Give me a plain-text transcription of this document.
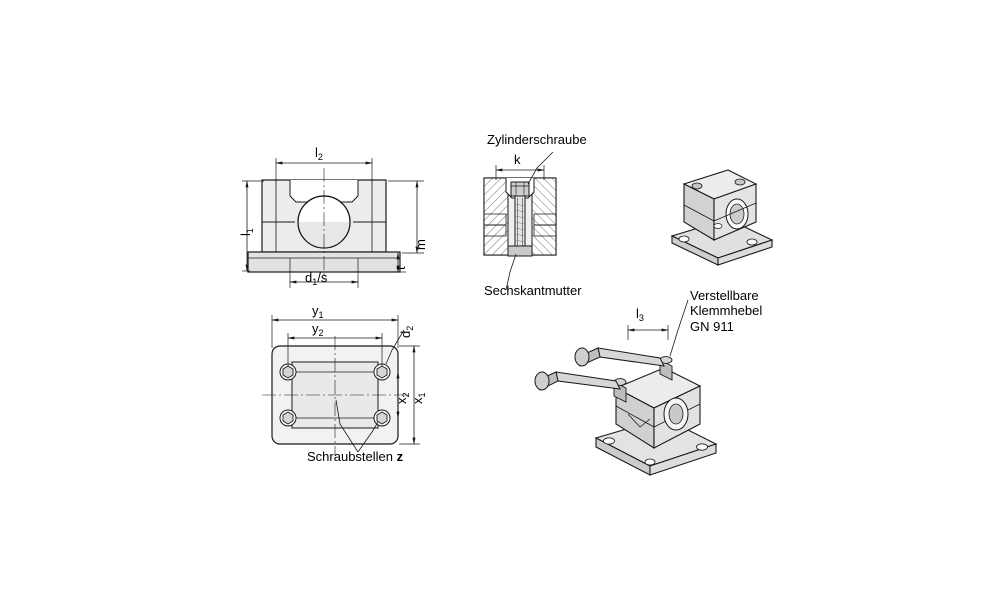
$l_2$
$l_1$
$d_1/s$
m
t
k
Zylinderschraube
Sechskantmutter
$y_1$
$y_2$	$d_2$
$x_1$
$x_2$
Schraubstellen z
$l_3$
Verstellbare
Klemmhebel
GN 911
